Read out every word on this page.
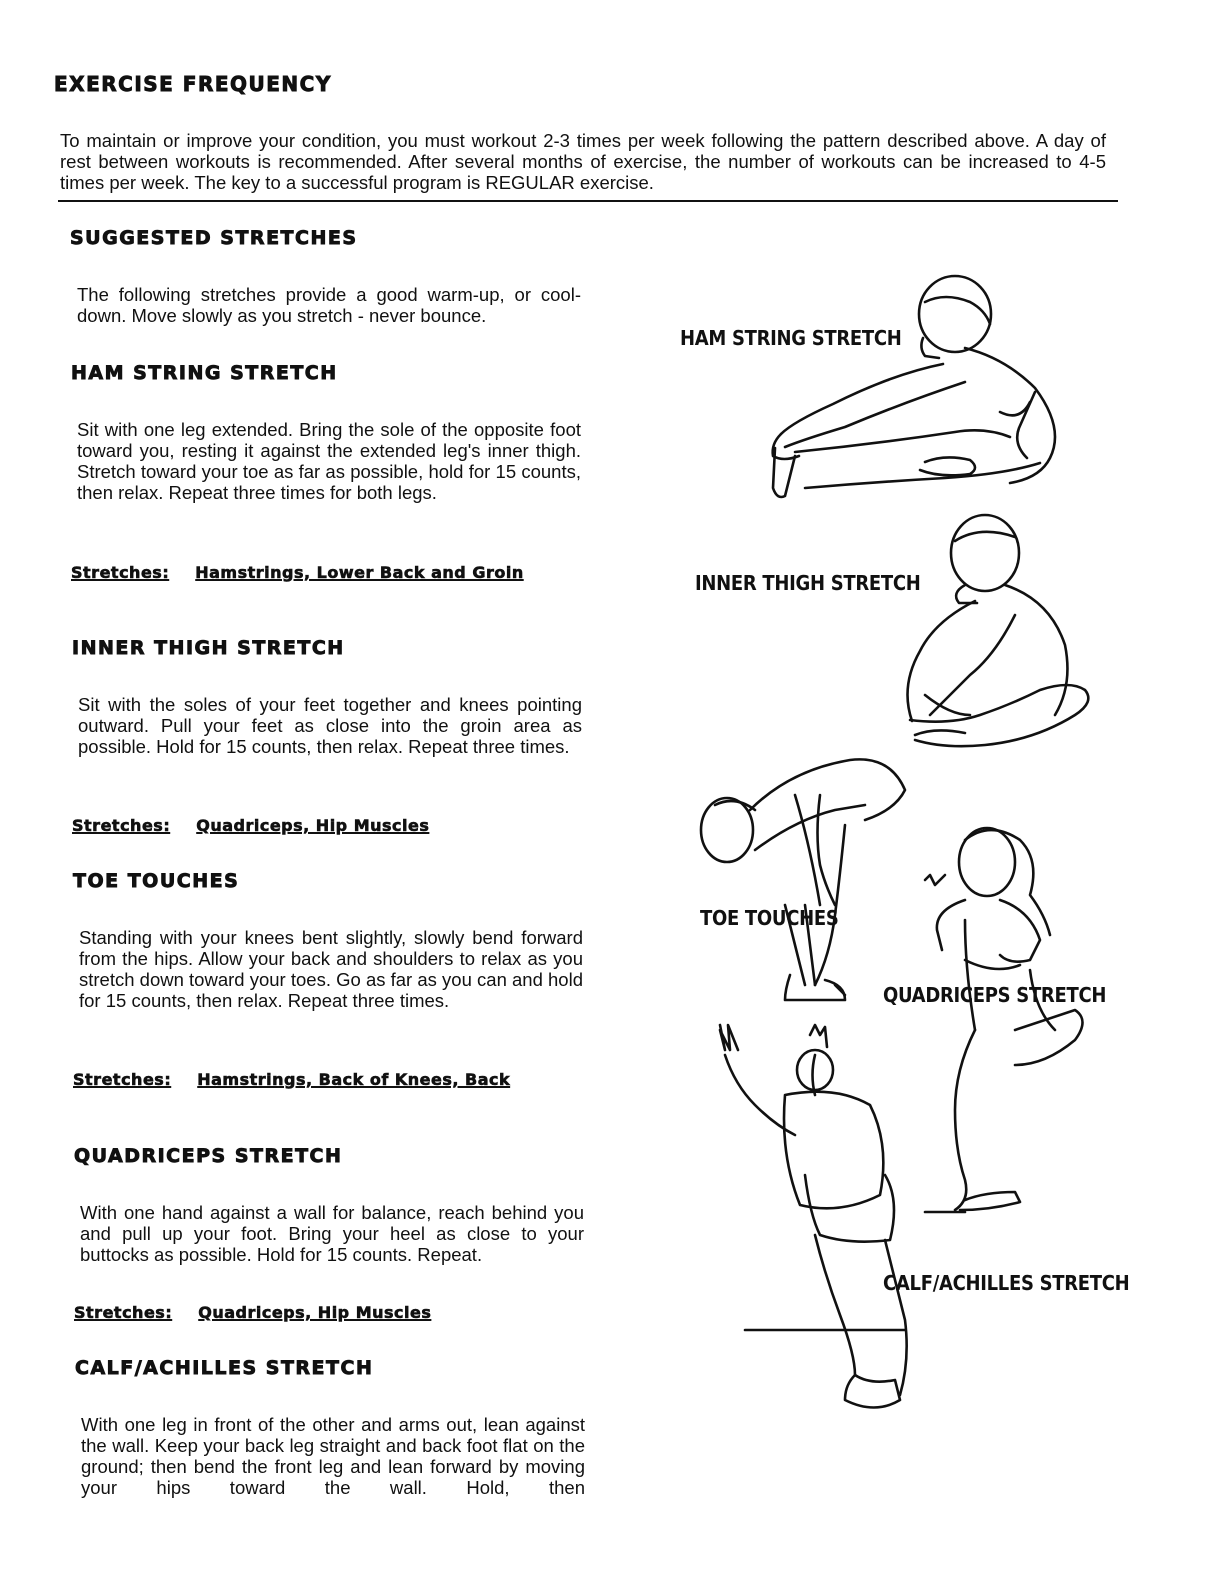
EXERCISE FREQUENCY
To maintain or improve your condition, you must workout 2-3 times per week following the pattern described above. A day of rest between workouts is recommended. After several months of exercise, the number of workouts can be increased to 4-5 times per week. The key to a successful program is REGULAR exercise.
SUGGESTED STRETCHES
The following stretches provide a good warm-up, or cool-down. Move slowly as you stretch - never bounce.
HAM STRING STRETCH
Sit with one leg extended. Bring the sole of the opposite foot toward you, resting it against the extended leg's inner thigh. Stretch toward your toe as far as possible, hold for 15 counts, then relax. Repeat three times for both legs.
Stretches: Hamstrings, Lower Back and Groin
INNER THIGH STRETCH
Sit with the soles of your feet together and knees pointing outward. Pull your feet as close into the groin area as possible. Hold for 15 counts, then relax. Repeat three times.
Stretches: Quadriceps, Hip Muscles
TOE TOUCHES
Standing with your knees bent slightly, slowly bend forward from the hips. Allow your back and shoulders to relax as you stretch down toward your toes. Go as far as you can and hold for 15 counts, then relax. Repeat three times.
Stretches: Hamstrings, Back of Knees, Back
QUADRICEPS STRETCH
With one hand against a wall for balance, reach behind you and pull up your foot. Bring your heel as close to your buttocks as possible. Hold for 15 counts. Repeat.
Stretches: Quadriceps, Hip Muscles
CALF/ACHILLES STRETCH
With one leg in front of the other and arms out, lean against the wall. Keep your back leg straight and back foot flat on the ground; then bend the front leg and lean forward by moving your hips toward the wall. Hold, then
HAM STRING STRETCH
INNER THIGH STRETCH
TOE TOUCHES
QUADRICEPS STRETCH
CALF/ACHILLES STRETCH
